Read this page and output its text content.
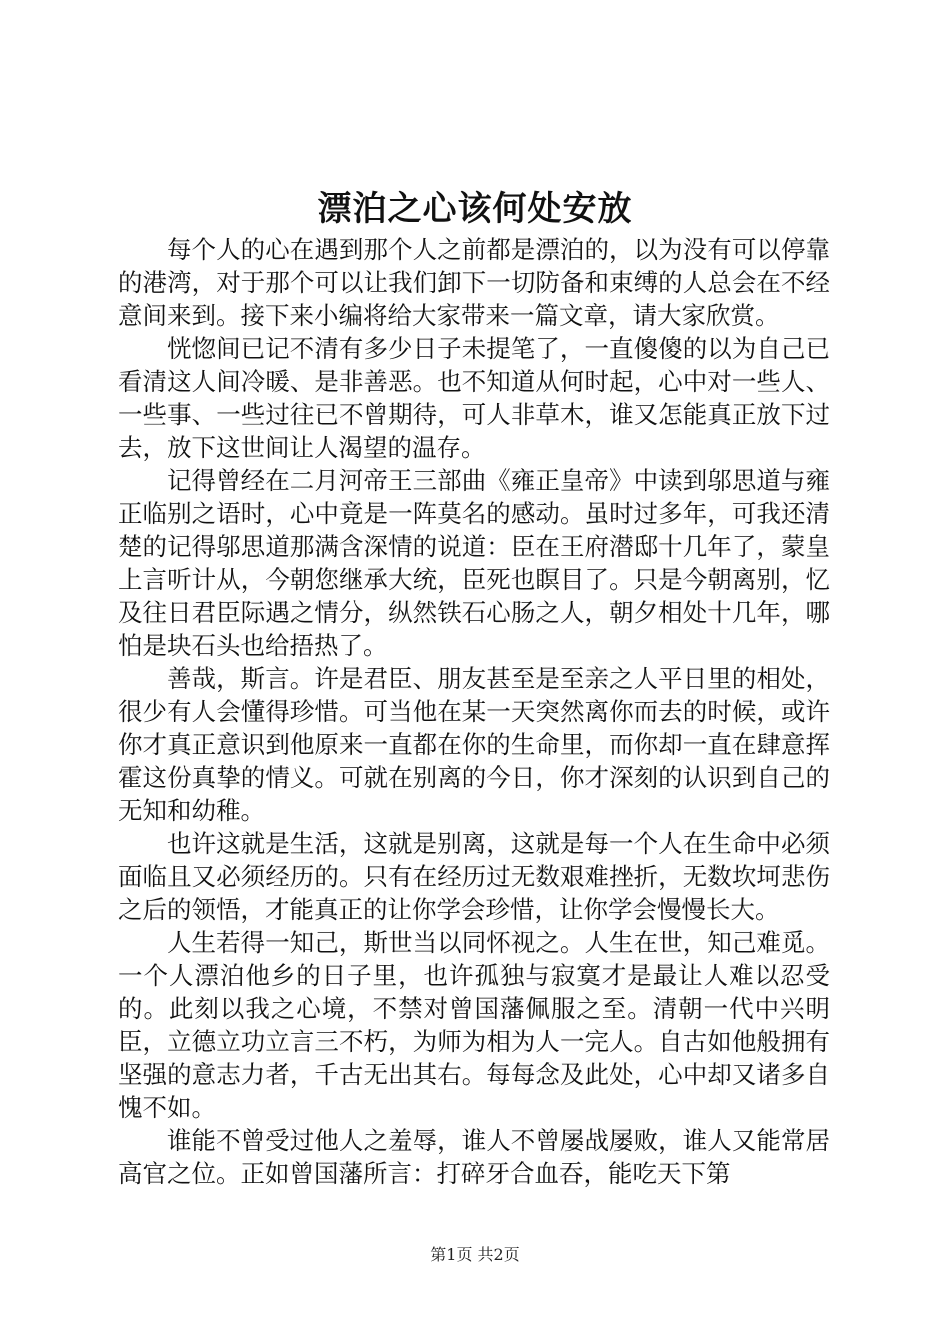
漂泊之心该何处安放

每个人的心在遇到那个人之前都是漂泊的，以为没有可以停靠的港湾，对于那个可以让我们卸下一切防备和束缚的人总会在不经意间来到。接下来小编将给大家带来一篇文章，请大家欣赏。

恍惚间已记不清有多少日子未提笔了，一直傻傻的以为自己已看清这人间冷暖、是非善恶。也不知道从何时起，心中对一些人、一些事、一些过往已不曾期待，可人非草木，谁又怎能真正放下过去，放下这世间让人渴望的温存。

记得曾经在二月河帝王三部曲《雍正皇帝》中读到邬思道与雍正临别之语时，心中竟是一阵莫名的感动。虽时过多年，可我还清楚的记得邬思道那满含深情的说道：臣在王府潜邸十几年了，蒙皇上言听计从，今朝您继承大统，臣死也瞑目了。只是今朝离别，忆及往日君臣际遇之情分，纵然铁石心肠之人，朝夕相处十几年，哪怕是块石头也给捂热了。

善哉，斯言。许是君臣、朋友甚至是至亲之人平日里的相处，很少有人会懂得珍惜。可当他在某一天突然离你而去的时候，或许你才真正意识到他原来一直都在你的生命里，而你却一直在肆意挥霍这份真挚的情义。可就在别离的今日，你才深刻的认识到自己的无知和幼稚。

也许这就是生活，这就是别离，这就是每一个人在生命中必须面临且又必须经历的。只有在经历过无数艰难挫折，无数坎坷悲伤之后的领悟，才能真正的让你学会珍惜，让你学会慢慢长大。

人生若得一知己，斯世当以同怀视之。人生在世，知己难觅。一个人漂泊他乡的日子里，也许孤独与寂寞才是最让人难以忍受的。此刻以我之心境，不禁对曾国藩佩服之至。清朝一代中兴明臣，立德立功立言三不朽，为师为相为人一完人。自古如他般拥有坚强的意志力者，千古无出其右。每每念及此处，心中却又诸多自愧不如。

谁能不曾受过他人之羞辱，谁人不曾屡战屡败，谁人又能常居高官之位。正如曾国藩所言：打碎牙合血吞，能吃天下第

第1页 共2页
